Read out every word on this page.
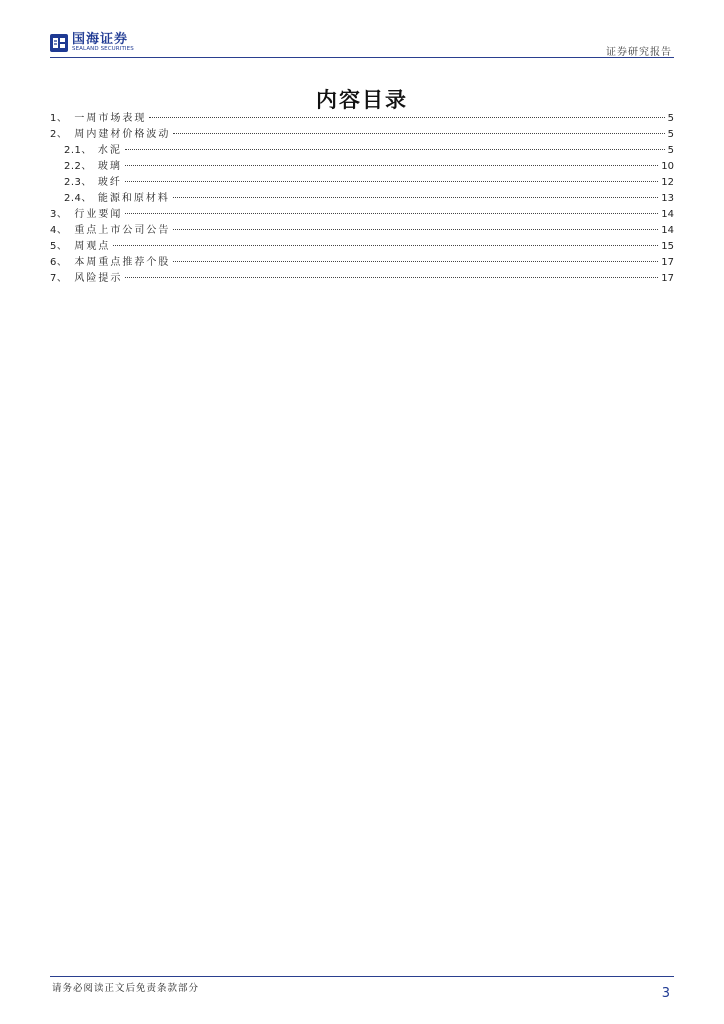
国海证券
SEALAND SECURITIES	证券研究报告
内容目录
1、 一周市场表现	5
2、 周内建材价格波动	5
2.1、 水泥	5
2.2、 玻璃	10
2.3、 玻纤	12
2.4、 能源和原材料	13
3、 行业要闻	14
4、 重点上市公司公告	14
5、 周观点	15
6、 本周重点推荐个股	17
7、 风险提示	17
请务必阅读正文后免责条款部分	3
